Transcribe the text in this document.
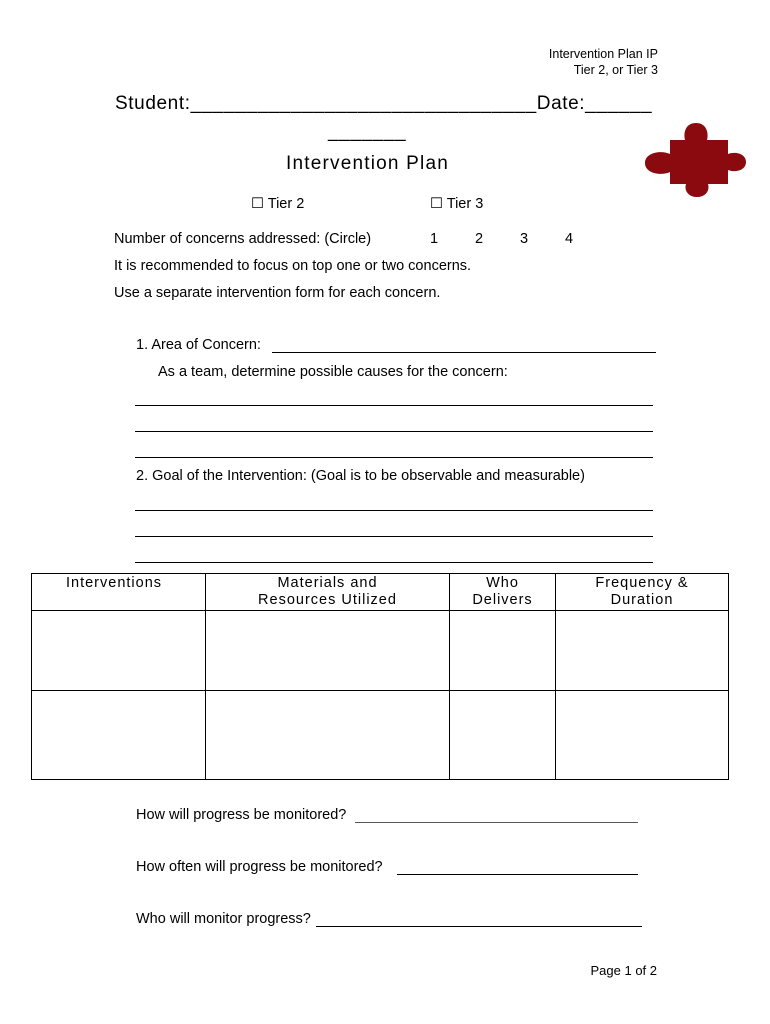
Intervention Plan IP
Tier 2, or Tier 3
Student:_______________________________Date:______
_______
Intervention Plan
☐ Tier 2	☐ Tier 3
Number of concerns addressed: (Circle)	1	2	3	4
It is recommended to focus on top one or two concerns.
Use a separate intervention form for each concern.
1. Area of Concern:
As a team, determine possible causes for the concern:
2. Goal of the Intervention: (Goal is to be observable and measurable)
Interventions	Materials and Resources Utilized	Who Delivers	Frequency & Duration

How will progress be monitored?
How often will progress be monitored?
Who will monitor progress?
Page 1 of 2
